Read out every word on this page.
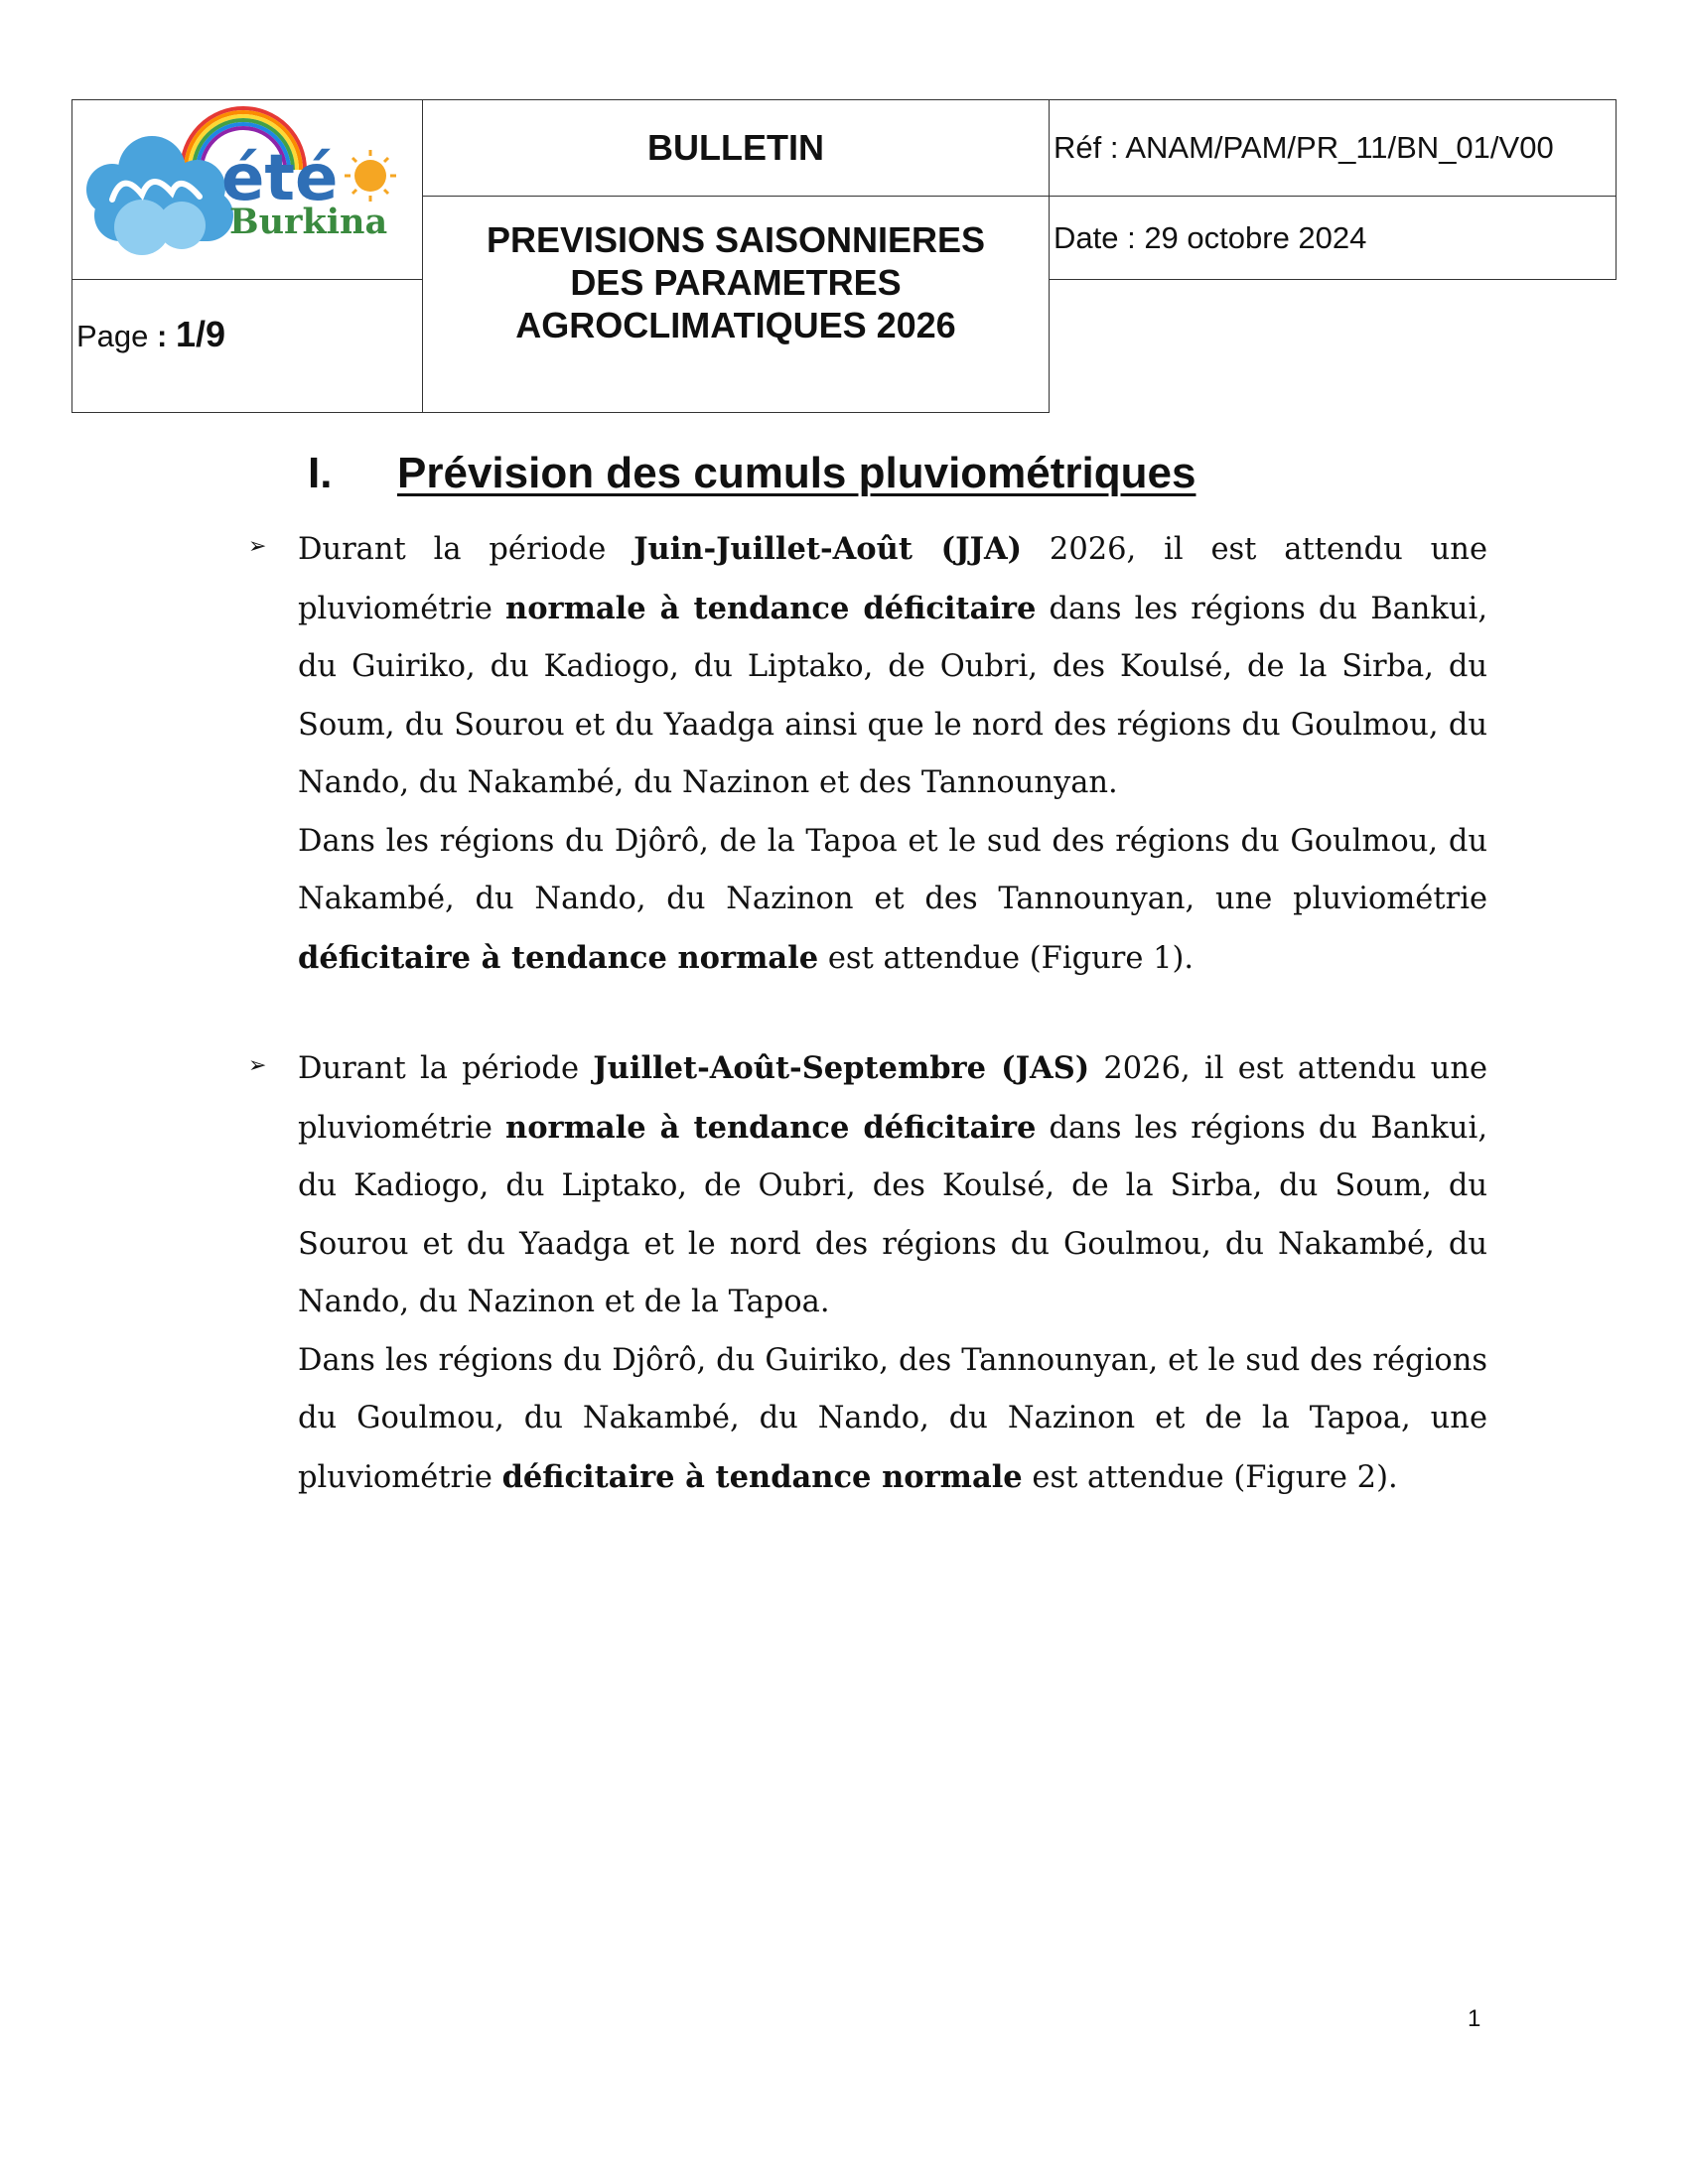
été
Burkina	BULLETIN	Réf : ANAM/PAM/PR_11/BN_01/V00
	PREVISIONS SAISONNIERES
DES PARAMETRES
AGROCLIMATIQUES 2026	Date : 29 octobre 2024
Page : 1/9		
I.	Prévision des cumuls pluviométriques
➢ Durant la période Juin-Juillet-Août (JJA) 2026, il est attendu une pluviométrie normale à tendance déficitaire dans les régions du Bankui, du Guiriko, du Kadiogo, du Liptako, de Oubri, des Koulsé, de la Sirba, du Soum, du Sourou et du Yaadga ainsi que le nord des régions du Goulmou, du Nando, du Nakambé, du Nazinon et des Tannounyan.

Dans les régions du Djôrô, de la Tapoa et le sud des régions du Goulmou, du Nakambé, du Nando, du Nazinon et des Tannounyan, une pluviométrie déficitaire à tendance normale est attendue (Figure 1).

➢ Durant la période Juillet-Août-Septembre (JAS) 2026, il est attendu une pluviométrie normale à tendance déficitaire dans les régions du Bankui, du Kadiogo, du Liptako, de Oubri, des Koulsé, de la Sirba, du Soum, du Sourou et du Yaadga et le nord des régions du Goulmou, du Nakambé, du Nando, du Nazinon et de la Tapoa.

Dans les régions du Djôrô, du Guiriko, des Tannounyan, et le sud des régions du Goulmou, du Nakambé, du Nando, du Nazinon et de la Tapoa, une pluviométrie déficitaire à tendance normale est attendue (Figure 2).

1
